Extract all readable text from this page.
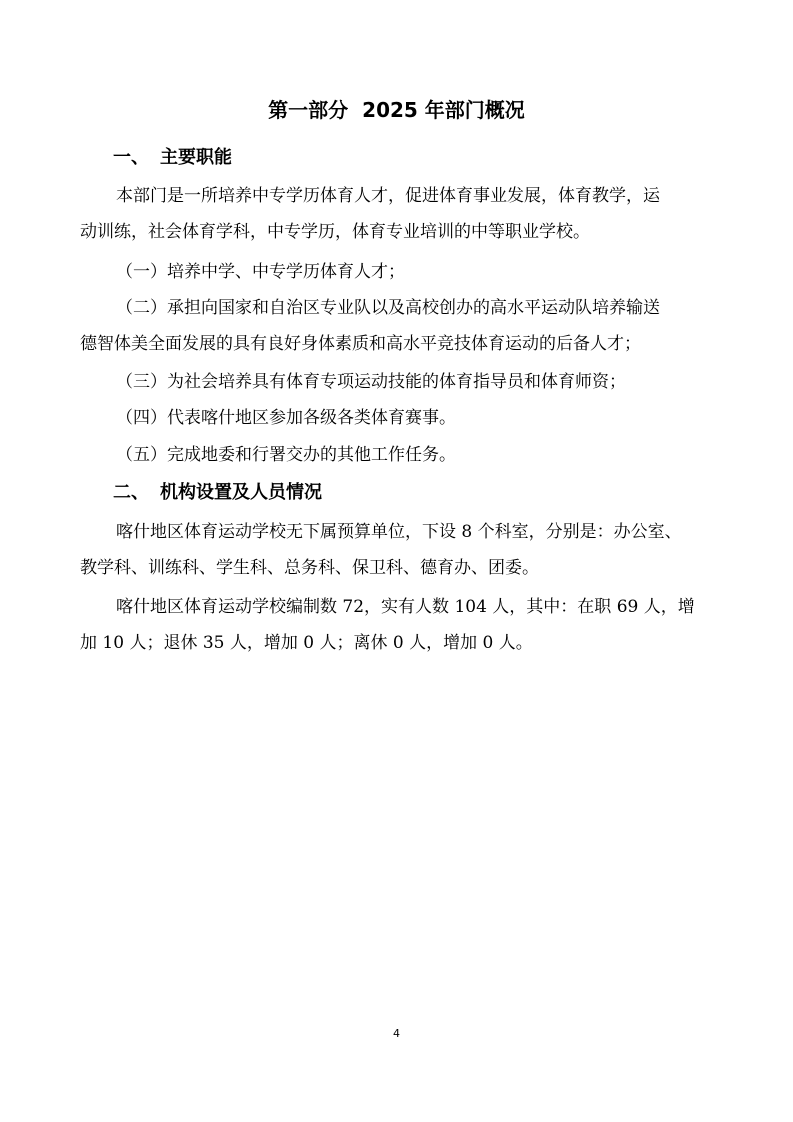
第一部分 2025 年部门概况
一、 主要职能
本部门是一所培养中专学历体育人才，促进体育事业发展，体育教学，运
动训练，社会体育学科，中专学历，体育专业培训的中等职业学校。
（一）培养中学、中专学历体育人才；
（二）承担向国家和自治区专业队以及高校创办的高水平运动队培养输送
德智体美全面发展的具有良好身体素质和高水平竞技体育运动的后备人才；
（三）为社会培养具有体育专项运动技能的体育指导员和体育师资；
（四）代表喀什地区参加各级各类体育赛事。
（五）完成地委和行署交办的其他工作任务。
二、 机构设置及人员情况
喀什地区体育运动学校无下属预算单位，下设 8 个科室，分别是：办公室、
教学科、训练科、学生科、总务科、保卫科、德育办、团委。
喀什地区体育运动学校编制数 72，实有人数 104 人，其中：在职 69 人，增
加 10 人；退休 35 人，增加 0 人；离休 0 人，增加 0 人。
4
